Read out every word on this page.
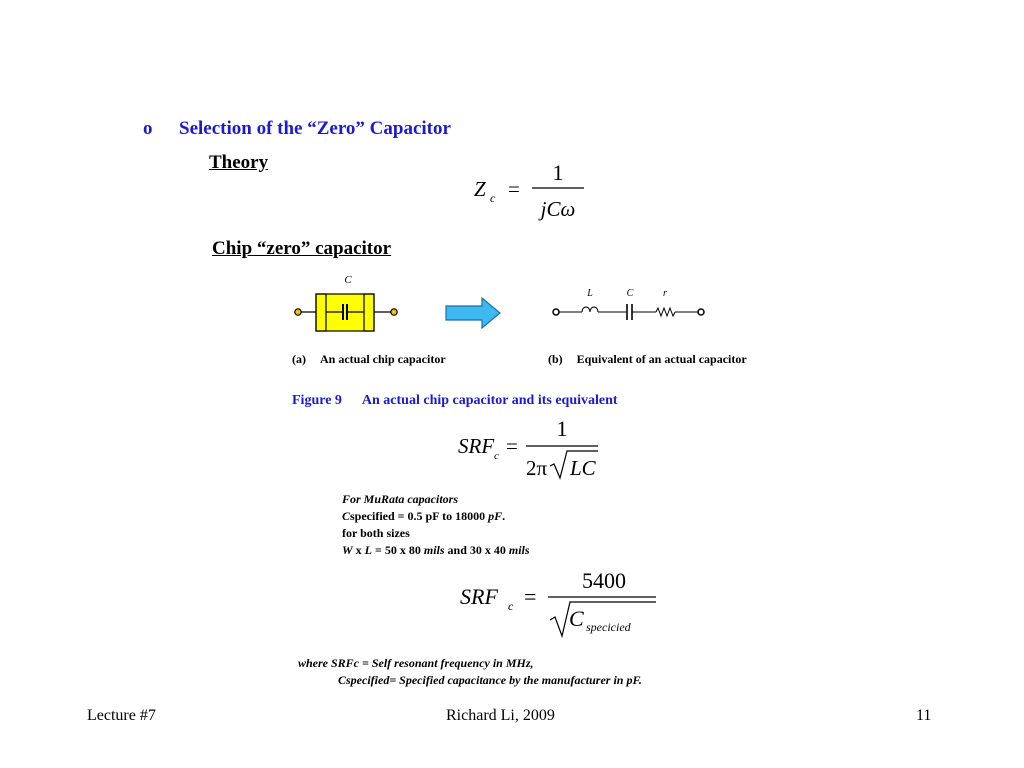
o Selection of the “Zero” Capacitor
Theory
Z c =
1
jCω
Chip “zero” capacitor
C
L	C	r
(a) An actual chip capacitor	(b) Equivalent of an actual capacitor
Figure 9 An actual chip capacitor and its equivalent
SRF c =
1
2π LC
For MuRata capacitors
Cspecified = 0.5 pF to 18000 pF.
for both sizes
W x L = 50 x 80 mils and 30 x 40 mils
SRF c =
5400
C specicied
where SRFc = Self resonant frequency in MHz,
Cspecified= Specified capacitance by the manufacturer in pF.
Lecture #7	Richard Li, 2009	11
